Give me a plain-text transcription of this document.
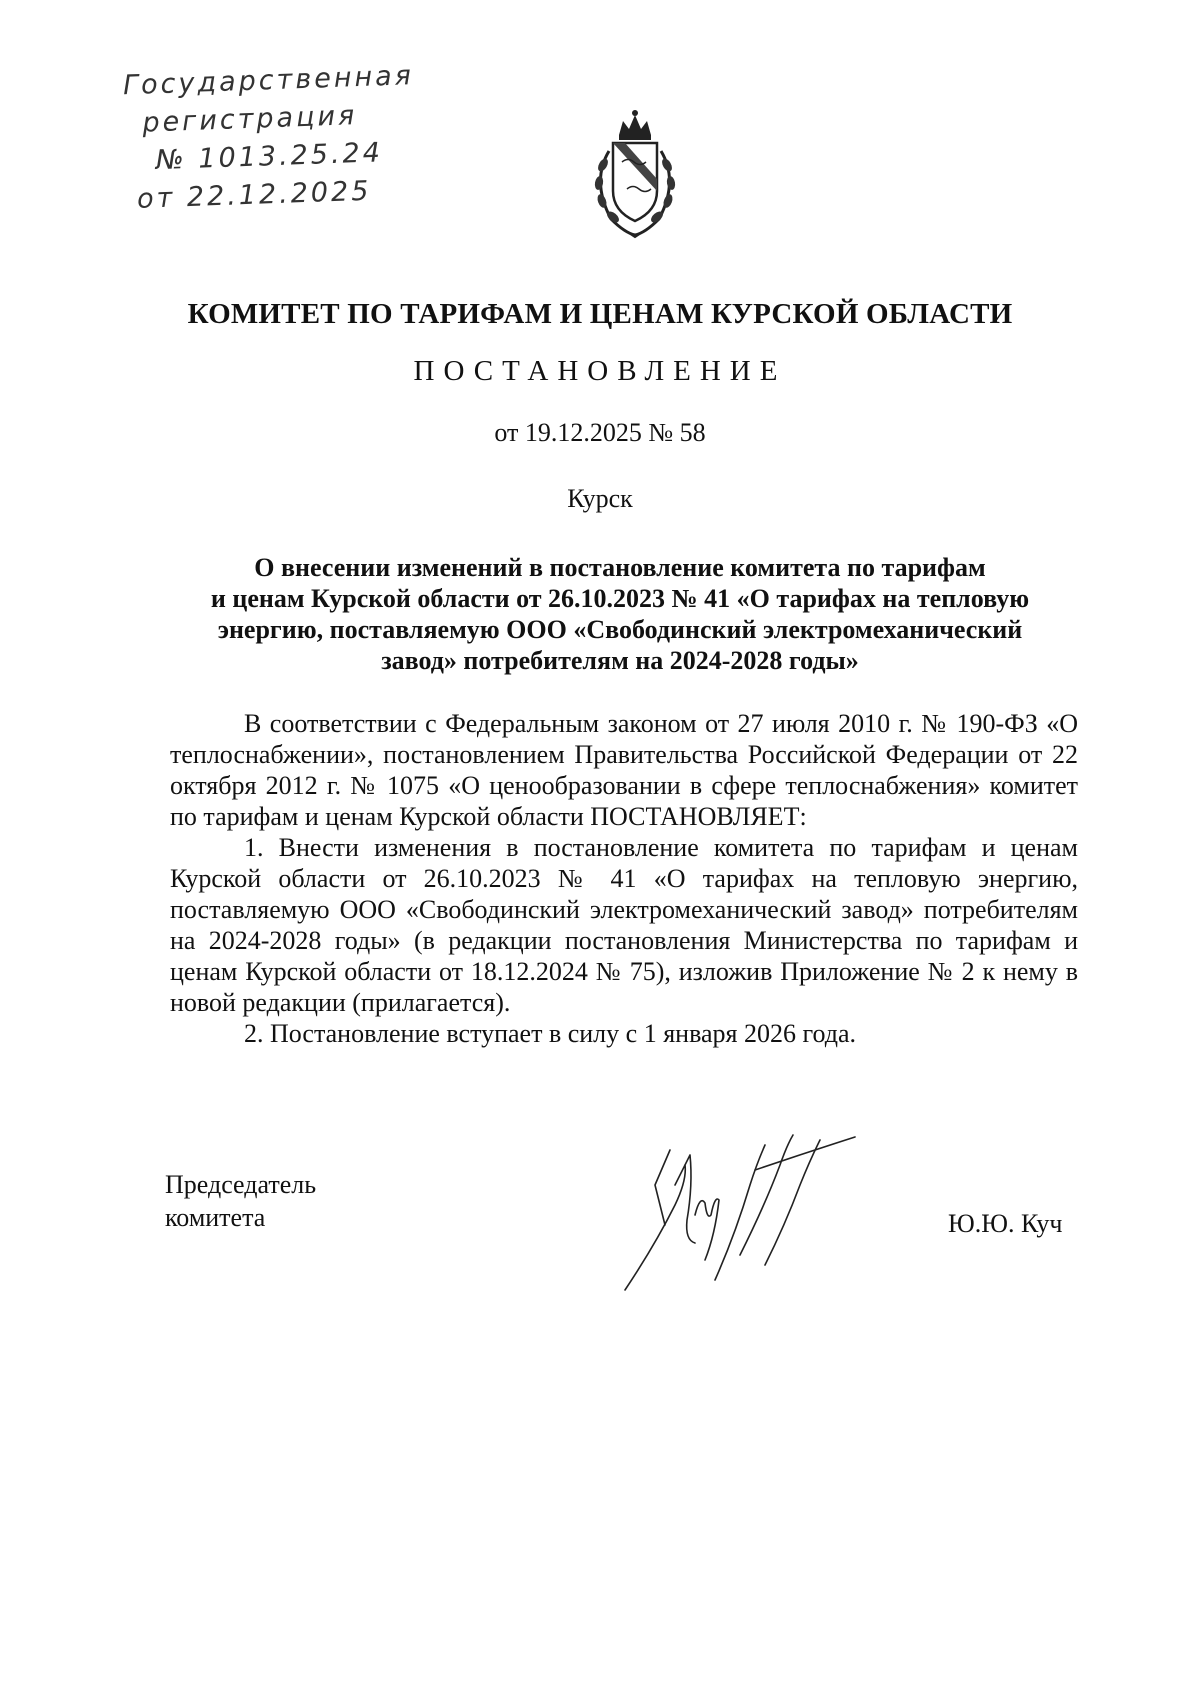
Государственная
регистрация
№ 1013.25.24
от 22.12.2025
КОМИТЕТ ПО ТАРИФАМ И ЦЕНАМ КУРСКОЙ ОБЛАСТИ
ПОСТАНОВЛЕНИЕ
от 19.12.2025 № 58
Курск
О внесении изменений в постановление комитета по тарифам
и ценам Курской области от 26.10.2023 № 41 «О тарифах на тепловую
энергию, поставляемую ООО «Свободинский электромеханический
завод» потребителям на 2024-2028 годы»

В соответствии с Федеральным законом от 27 июля 2010 г. № 190-ФЗ «О теплоснабжении», постановлением Правительства Российской Федерации от 22 октября 2012 г. № 1075 «О ценообразовании в сфере теплоснабжения» комитет по тарифам и ценам Курской области ПОСТАНОВЛЯЕТ:

1. Внести изменения в постановление комитета по тарифам и ценам Курской области от 26.10.2023 № 41 «О тарифах на тепловую энергию, поставляемую ООО «Свободинский электромеханический завод» потребителям на 2024-2028 годы» (в редакции постановления Министерства по тарифам и ценам Курской области от 18.12.2024 № 75), изложив Приложение № 2 к нему в новой редакции (прилагается).

2. Постановление вступает в силу с 1 января 2026 года.

Председатель
комитета	Ю.Ю. Куч
